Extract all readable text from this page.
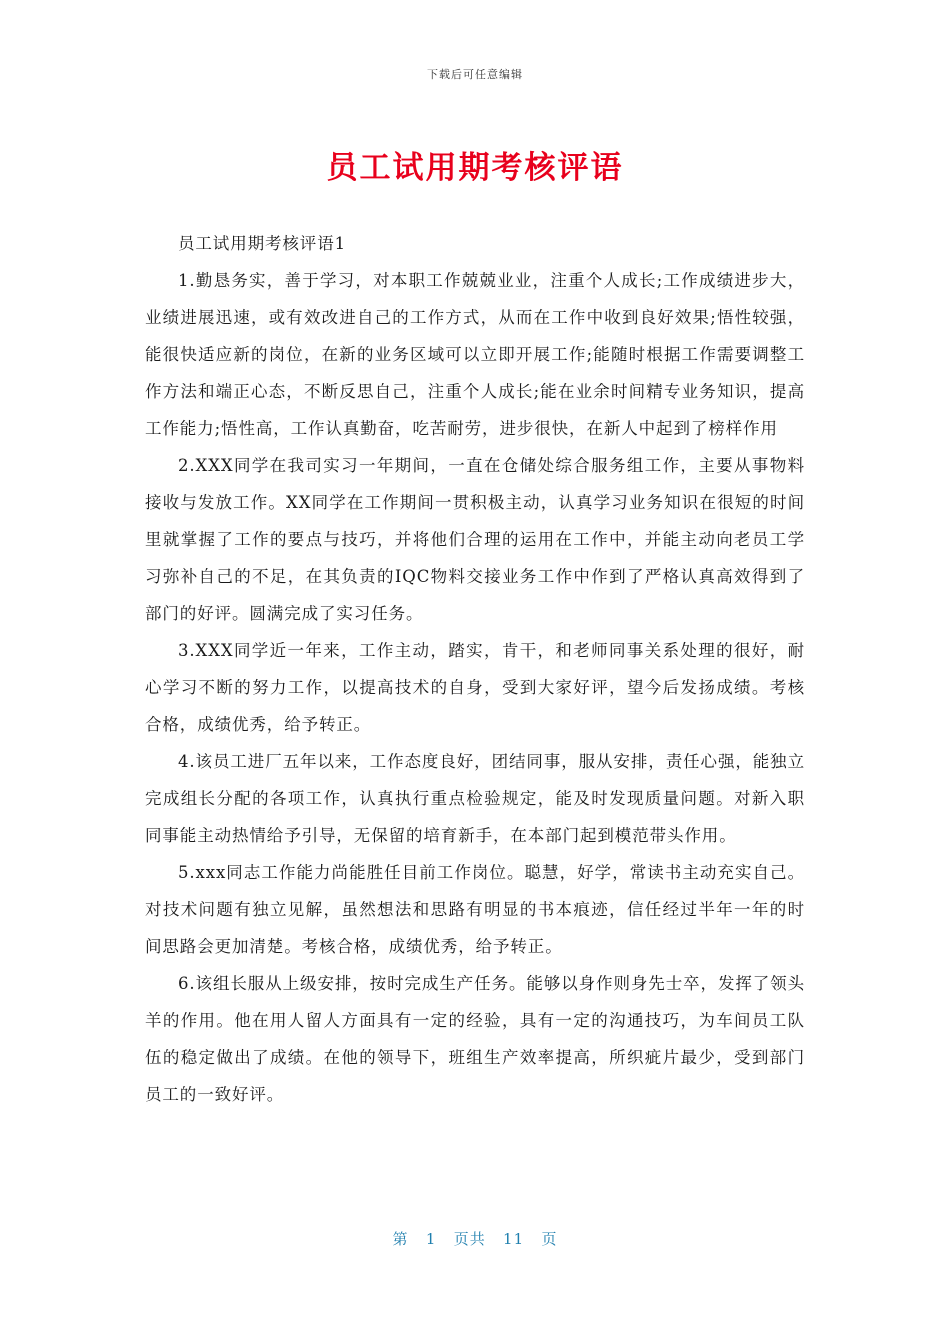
下载后可任意编辑
员工试用期考核评语

员工试用期考核评语1

1.勤恳务实，善于学习，对本职工作兢兢业业，注重个人成长;工作成绩进步大，业绩进展迅速，或有效改进自己的工作方式，从而在工作中收到良好效果;悟性较强，能很快适应新的岗位，在新的业务区域可以立即开展工作;能随时根据工作需要调整工作方法和端正心态，不断反思自己，注重个人成长;能在业余时间精专业务知识，提高工作能力;悟性高，工作认真勤奋，吃苦耐劳，进步很快，在新人中起到了榜样作用

2.XXX同学在我司实习一年期间，一直在仓储处综合服务组工作，主要从事物料接收与发放工作。XX同学在工作期间一贯积极主动，认真学习业务知识在很短的时间里就掌握了工作的要点与技巧，并将他们合理的运用在工作中，并能主动向老员工学习弥补自己的不足，在其负责的IQC物料交接业务工作中作到了严格认真高效得到了部门的好评。圆满完成了实习任务。

3.XXX同学近一年来，工作主动，踏实，肯干，和老师同事关系处理的很好，耐心学习不断的努力工作，以提高技术的自身，受到大家好评，望今后发扬成绩。考核合格，成绩优秀，给予转正。

4.该员工进厂五年以来，工作态度良好，团结同事，服从安排，责任心强，能独立完成组长分配的各项工作，认真执行重点检验规定，能及时发现质量问题。对新入职同事能主动热情给予引导，无保留的培育新手，在本部门起到模范带头作用。

5.xxx同志工作能力尚能胜任目前工作岗位。聪慧，好学，常读书主动充实自己。对技术问题有独立见解，虽然想法和思路有明显的书本痕迹，信任经过半年一年的时间思路会更加清楚。考核合格，成绩优秀，给予转正。

6.该组长服从上级安排，按时完成生产任务。能够以身作则身先士卒，发挥了领头羊的作用。他在用人留人方面具有一定的经验，具有一定的沟通技巧，为车间员工队伍的稳定做出了成绩。在他的领导下，班组生产效率提高，所织疵片最少，受到部门员工的一致好评。

第 1 页共 11 页
